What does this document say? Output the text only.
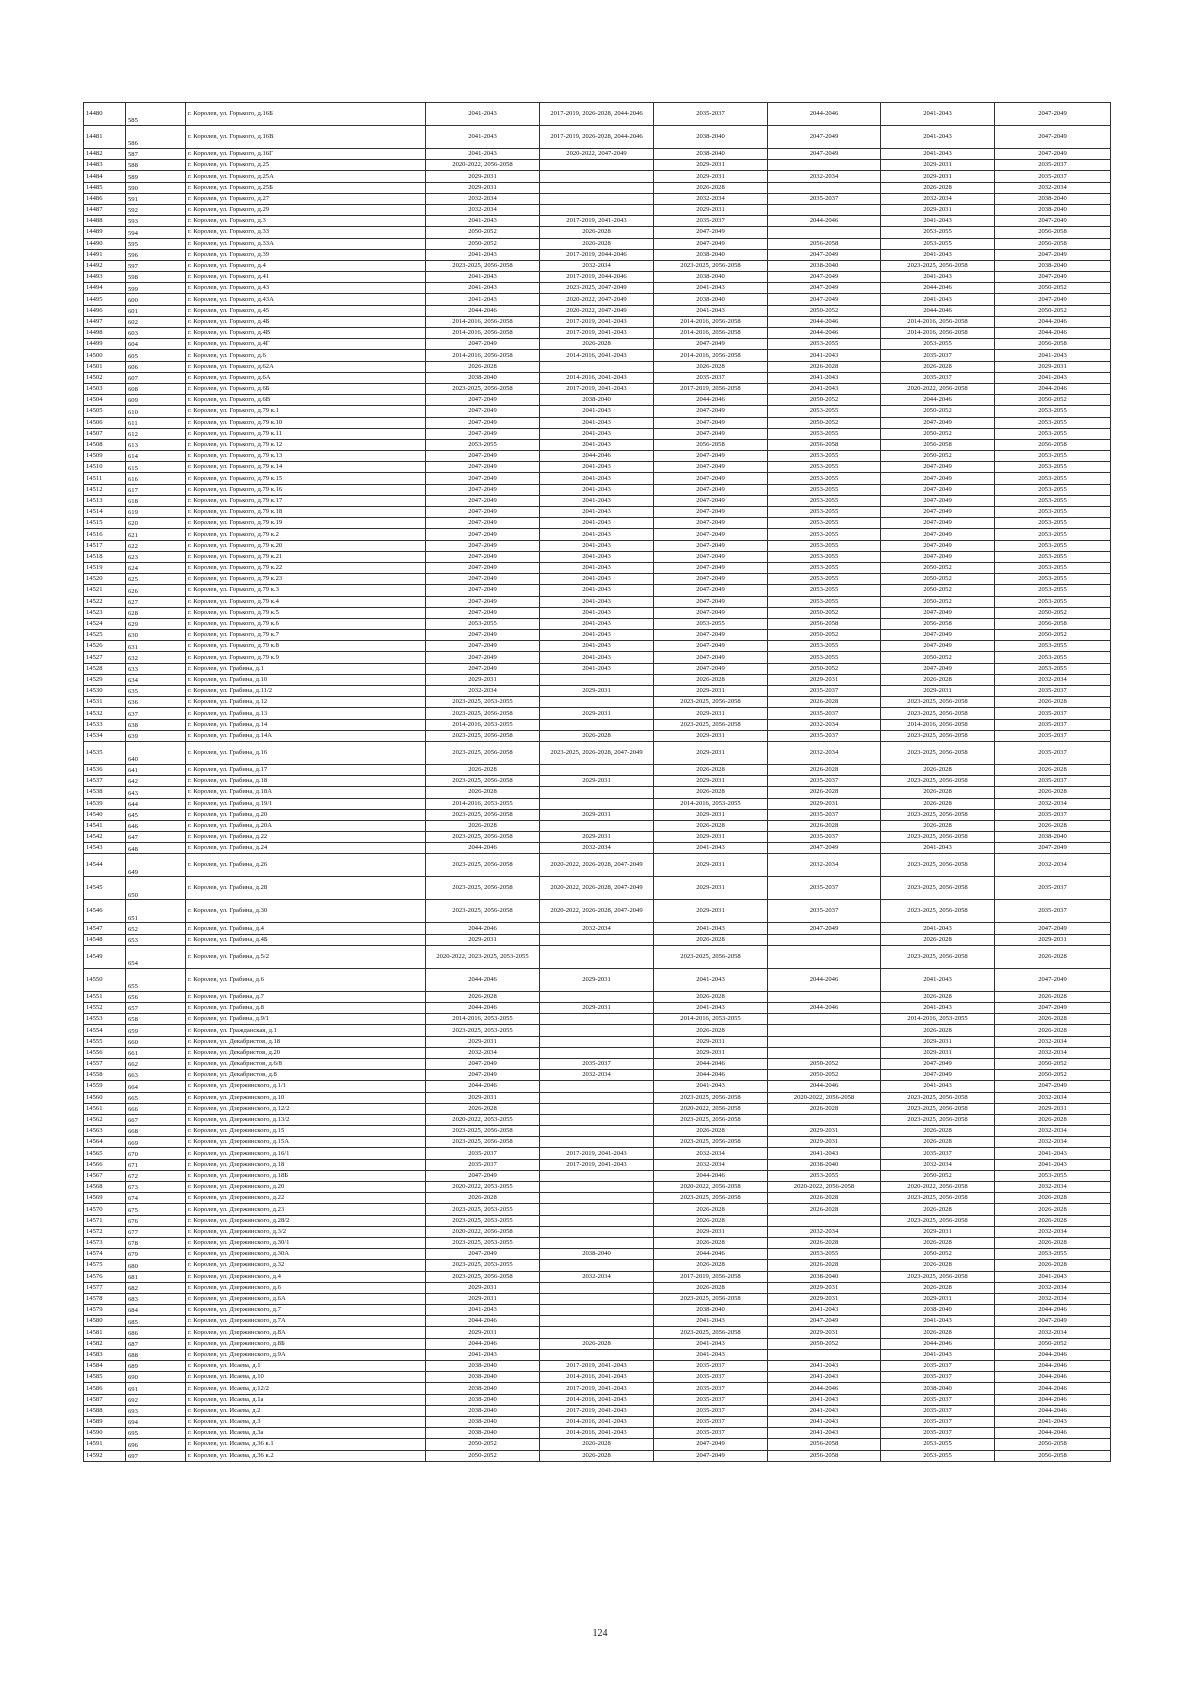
14480	585	г. Королев, ул. Горького, д.16Б	2041-2043	2017-2019, 2026-2028, 2044-2046	2035-2037	2044-2046	2041-2043	2047-2049
14481	586	г. Королев, ул. Горького, д.16В	2041-2043	2017-2019, 2026-2028, 2044-2046	2038-2040	2047-2049	2041-2043	2047-2049
14482	587	г. Королев, ул. Горького, д.16Г	2041-2043	2020-2022, 2047-2049	2038-2040	2047-2049	2041-2043	2047-2049
14483	588	г. Королев, ул. Горького, д.25	2020-2022, 2056-2058		2029-2031		2029-2031	2035-2037
14484	589	г. Королев, ул. Горького, д.25А	2029-2031		2029-2031	2032-2034	2029-2031	2035-2037
14485	590	г. Королев, ул. Горького, д.25Б	2029-2031		2026-2028		2026-2028	2032-2034
14486	591	г. Королев, ул. Горького, д.27	2032-2034		2032-2034	2035-2037	2032-2034	2038-2040
14487	592	г. Королев, ул. Горького, д.29	2032-2034		2029-2031		2029-2031	2038-2040
14488	593	г. Королев, ул. Горького, д.3	2041-2043	2017-2019, 2041-2043	2035-2037	2044-2046	2041-2043	2047-2049
14489	594	г. Королев, ул. Горького, д.33	2050-2052	2026-2028	2047-2049		2053-2055	2056-2058
14490	595	г. Королев, ул. Горького, д.33А	2050-2052	2026-2028	2047-2049	2056-2058	2053-2055	2056-2058
14491	596	г. Королев, ул. Горького, д.39	2041-2043	2017-2019, 2044-2046	2038-2040	2047-2049	2041-2043	2047-2049
14492	597	г. Королев, ул. Горького, д.4	2023-2025, 2056-2058	2032-2034	2023-2025, 2056-2058	2038-2040	2023-2025, 2056-2058	2038-2040
14493	598	г. Королев, ул. Горького, д.41	2041-2043	2017-2019, 2044-2046	2038-2040	2047-2049	2041-2043	2047-2049
14494	599	г. Королев, ул. Горького, д.43	2041-2043	2023-2025, 2047-2049	2041-2043	2047-2049	2044-2046	2050-2052
14495	600	г. Королев, ул. Горького, д.43А	2041-2043	2020-2022, 2047-2049	2038-2040	2047-2049	2041-2043	2047-2049
14496	601	г. Королев, ул. Горького, д.45	2044-2046	2020-2022, 2047-2049	2041-2043	2050-2052	2044-2046	2050-2052
14497	602	г. Королев, ул. Горького, д.4Б	2014-2016, 2056-2058	2017-2019, 2041-2043	2014-2016, 2056-2058	2044-2046	2014-2016, 2056-2058	2044-2046
14498	603	г. Королев, ул. Горького, д.4В	2014-2016, 2056-2058	2017-2019, 2041-2043	2014-2016, 2056-2058	2044-2046	2014-2016, 2056-2058	2044-2046
14499	604	г. Королев, ул. Горького, д.4Г	2047-2049	2026-2028	2047-2049	2053-2055	2053-2055	2056-2058
14500	605	г. Королев, ул. Горького, д.6	2014-2016, 2056-2058	2014-2016, 2041-2043	2014-2016, 2056-2058	2041-2043	2035-2037	2041-2043
14501	606	г. Королев, ул. Горького, д.62А	2026-2028		2026-2028	2026-2028	2026-2028	2029-2031
14502	607	г. Королев, ул. Горького, д.6А	2038-2040	2014-2016, 2041-2043	2035-2037	2041-2043	2035-2037	2041-2043
14503	608	г. Королев, ул. Горького, д.6Б	2023-2025, 2056-2058	2017-2019, 2041-2043	2017-2019, 2056-2058	2041-2043	2020-2022, 2056-2058	2044-2046
14504	609	г. Королев, ул. Горького, д.6В	2047-2049	2038-2040	2044-2046	2050-2052	2044-2046	2050-2052
14505	610	г. Королев, ул. Горького, д.79 к.1	2047-2049	2041-2043	2047-2049	2053-2055	2050-2052	2053-2055
14506	611	г. Королев, ул. Горького, д.79 к.10	2047-2049	2041-2043	2047-2049	2050-2052	2047-2049	2053-2055
14507	612	г. Королев, ул. Горького, д.79 к.11	2047-2049	2041-2043	2047-2049	2053-2055	2050-2052	2053-2055
14508	613	г. Королев, ул. Горького, д.79 к.12	2053-2055	2041-2043	2056-2058	2056-2058	2056-2058	2056-2058
14509	614	г. Королев, ул. Горького, д.79 к.13	2047-2049	2044-2046	2047-2049	2053-2055	2050-2052	2053-2055
14510	615	г. Королев, ул. Горького, д.79 к.14	2047-2049	2041-2043	2047-2049	2053-2055	2047-2049	2053-2055
14511	616	г. Королев, ул. Горького, д.79 к.15	2047-2049	2041-2043	2047-2049	2053-2055	2047-2049	2053-2055
14512	617	г. Королев, ул. Горького, д.79 к.16	2047-2049	2041-2043	2047-2049	2053-2055	2047-2049	2053-2055
14513	618	г. Королев, ул. Горького, д.79 к.17	2047-2049	2041-2043	2047-2049	2053-2055	2047-2049	2053-2055
14514	619	г. Королев, ул. Горького, д.79 к.18	2047-2049	2041-2043	2047-2049	2053-2055	2047-2049	2053-2055
14515	620	г. Королев, ул. Горького, д.79 к.19	2047-2049	2041-2043	2047-2049	2053-2055	2047-2049	2053-2055
14516	621	г. Королев, ул. Горького, д.79 к.2	2047-2049	2041-2043	2047-2049	2053-2055	2047-2049	2053-2055
14517	622	г. Королев, ул. Горького, д.79 к.20	2047-2049	2041-2043	2047-2049	2053-2055	2047-2049	2053-2055
14518	623	г. Королев, ул. Горького, д.79 к.21	2047-2049	2041-2043	2047-2049	2053-2055	2047-2049	2053-2055
14519	624	г. Королев, ул. Горького, д.79 к.22	2047-2049	2041-2043	2047-2049	2053-2055	2050-2052	2053-2055
14520	625	г. Королев, ул. Горького, д.79 к.23	2047-2049	2041-2043	2047-2049	2053-2055	2050-2052	2053-2055
14521	626	г. Королев, ул. Горького, д.79 к.3	2047-2049	2041-2043	2047-2049	2053-2055	2050-2052	2053-2055
14522	627	г. Королев, ул. Горького, д.79 к.4	2047-2049	2041-2043	2047-2049	2053-2055	2050-2052	2053-2055
14523	628	г. Королев, ул. Горького, д.79 к.5	2047-2049	2041-2043	2047-2049	2050-2052	2047-2049	2050-2052
14524	629	г. Королев, ул. Горького, д.79 к.6	2053-2055	2041-2043	2053-2055	2056-2058	2056-2058	2056-2058
14525	630	г. Королев, ул. Горького, д.79 к.7	2047-2049	2041-2043	2047-2049	2050-2052	2047-2049	2050-2052
14526	631	г. Королев, ул. Горького, д.79 к.8	2047-2049	2041-2043	2047-2049	2053-2055	2047-2049	2053-2055
14527	632	г. Королев, ул. Горького, д.79 к.9	2047-2049	2041-2043	2047-2049	2053-2055	2050-2052	2053-2055
14528	633	г. Королев, ул. Грабина, д.1	2047-2049	2041-2043	2047-2049	2050-2052	2047-2049	2053-2055
14529	634	г. Королев, ул. Грабина, д.10	2029-2031		2026-2028	2029-2031	2026-2028	2032-2034
14530	635	г. Королев, ул. Грабина, д.11/2	2032-2034	2029-2031	2029-2031	2035-2037	2029-2031	2035-2037
14531	636	г. Королев, ул. Грабина, д.12	2023-2025, 2053-2055		2023-2025, 2056-2058	2026-2028	2023-2025, 2056-2058	2026-2028
14532	637	г. Королев, ул. Грабина, д.13	2023-2025, 2056-2058	2029-2031	2029-2031	2035-2037	2023-2025, 2056-2058	2035-2037
14533	638	г. Королев, ул. Грабина, д.14	2014-2016, 2053-2055		2023-2025, 2056-2058	2032-2034	2014-2016, 2056-2058	2035-2037
14534	639	г. Королев, ул. Грабина, д.14А	2023-2025, 2056-2058	2026-2028	2029-2031	2035-2037	2023-2025, 2056-2058	2035-2037
14535	640	г. Королев, ул. Грабина, д.16	2023-2025, 2056-2058	2023-2025, 2026-2028, 2047-2049	2029-2031	2032-2034	2023-2025, 2056-2058	2035-2037
14536	641	г. Королев, ул. Грабина, д.17	2026-2028		2026-2028	2026-2028	2026-2028	2026-2028
14537	642	г. Королев, ул. Грабина, д.18	2023-2025, 2056-2058	2029-2031	2029-2031	2035-2037	2023-2025, 2056-2058	2035-2037
14538	643	г. Королев, ул. Грабина, д.18А	2026-2028		2026-2028	2026-2028	2026-2028	2026-2028
14539	644	г. Королев, ул. Грабина, д.19/1	2014-2016, 2053-2055		2014-2016, 2053-2055	2029-2031	2026-2028	2032-2034
14540	645	г. Королев, ул. Грабина, д.20	2023-2025, 2056-2058	2029-2031	2029-2031	2035-2037	2023-2025, 2056-2058	2035-2037
14541	646	г. Королев, ул. Грабина, д.20А	2026-2028		2026-2028	2026-2028	2026-2028	2026-2028
14542	647	г. Королев, ул. Грабина, д.22	2023-2025, 2056-2058	2029-2031	2029-2031	2035-2037	2023-2025, 2056-2058	2038-2040
14543	648	г. Королев, ул. Грабина, д.24	2044-2046	2032-2034	2041-2043	2047-2049	2041-2043	2047-2049
14544	649	г. Королев, ул. Грабина, д.26	2023-2025, 2056-2058	2020-2022, 2026-2028, 2047-2049	2029-2031	2032-2034	2023-2025, 2056-2058	2032-2034
14545	650	г. Королев, ул. Грабина, д.28	2023-2025, 2056-2058	2020-2022, 2026-2028, 2047-2049	2029-2031	2035-2037	2023-2025, 2056-2058	2035-2037
14546	651	г. Королев, ул. Грабина, д.30	2023-2025, 2056-2058	2020-2022, 2026-2028, 2047-2049	2029-2031	2035-2037	2023-2025, 2056-2058	2035-2037
14547	652	г. Королев, ул. Грабина, д.4	2044-2046	2032-2034	2041-2043	2047-2049	2041-2043	2047-2049
14548	653	г. Королев, ул. Грабина, д.4Б	2029-2031		2026-2028		2026-2028	2029-2031
14549	654	г. Королев, ул. Грабина, д.5/2	2020-2022, 2023-2025, 2053-2055		2023-2025, 2056-2058		2023-2025, 2056-2058	2026-2028
14550	655	г. Королев, ул. Грабина, д.6	2044-2046	2029-2031	2041-2043	2044-2046	2041-2043	2047-2049
14551	656	г. Королев, ул. Грабина, д.7	2026-2028		2026-2028		2026-2028	2026-2028
14552	657	г. Королев, ул. Грабина, д.8	2044-2046	2029-2031	2041-2043	2044-2046	2041-2043	2047-2049
14553	658	г. Королев, ул. Грабина, д.9/1	2014-2016, 2053-2055		2014-2016, 2053-2055		2014-2016, 2053-2055	2026-2028
14554	659	г. Королев, ул. Гражданская, д.1	2023-2025, 2053-2055		2026-2028		2026-2028	2026-2028
14555	660	г. Королев, ул. Декабристов, д.18	2029-2031		2029-2031		2029-2031	2032-2034
14556	661	г. Королев, ул. Декабристов, д.20	2032-2034		2029-2031		2029-2031	2032-2034
14557	662	г. Королев, ул. Декабристов, д.6/8	2047-2049	2035-2037	2044-2046	2050-2052	2047-2049	2050-2052
14558	663	г. Королев, ул. Декабристов, д.8	2047-2049	2032-2034	2044-2046	2050-2052	2047-2049	2050-2052
14559	664	г. Королев, ул. Дзержинского, д.1/1	2044-2046		2041-2043	2044-2046	2041-2043	2047-2049
14560	665	г. Королев, ул. Дзержинского, д.10	2029-2031		2023-2025, 2056-2058	2020-2022, 2056-2058	2023-2025, 2056-2058	2032-2034
14561	666	г. Королев, ул. Дзержинского, д.12/2	2026-2028		2020-2022, 2056-2058	2026-2028	2023-2025, 2056-2058	2029-2031
14562	667	г. Королев, ул. Дзержинского, д.13/2	2020-2022, 2053-2055		2023-2025, 2056-2058		2023-2025, 2056-2058	2026-2028
14563	668	г. Королев, ул. Дзержинского, д.15	2023-2025, 2056-2058		2026-2028	2029-2031	2026-2028	2032-2034
14564	669	г. Королев, ул. Дзержинского, д.15А	2023-2025, 2056-2058		2023-2025, 2056-2058	2029-2031	2026-2028	2032-2034
14565	670	г. Королев, ул. Дзержинского, д.16/1	2035-2037	2017-2019, 2041-2043	2032-2034	2041-2043	2035-2037	2041-2043
14566	671	г. Королев, ул. Дзержинского, д.18	2035-2037	2017-2019, 2041-2043	2032-2034	2038-2040	2032-2034	2041-2043
14567	672	г. Королев, ул. Дзержинского, д.18Б	2047-2049		2044-2046	2053-2055	2050-2052	2053-2055
14568	673	г. Королев, ул. Дзержинского, д.20	2020-2022, 2053-2055		2020-2022, 2056-2058	2020-2022, 2056-2058	2020-2022, 2056-2058	2032-2034
14569	674	г. Королев, ул. Дзержинского, д.22	2026-2028		2023-2025, 2056-2058	2026-2028	2023-2025, 2056-2058	2026-2028
14570	675	г. Королев, ул. Дзержинского, д.23	2023-2025, 2053-2055		2026-2028	2026-2028	2026-2028	2026-2028
14571	676	г. Королев, ул. Дзержинского, д.28/2	2023-2025, 2053-2055		2026-2028		2023-2025, 2056-2058	2026-2028
14572	677	г. Королев, ул. Дзержинского, д.3/2	2020-2022, 2056-2058		2029-2031	2032-2034	2029-2031	2032-2034
14573	678	г. Королев, ул. Дзержинского, д.30/1	2023-2025, 2053-2055		2026-2028	2026-2028	2026-2028	2026-2028
14574	679	г. Королев, ул. Дзержинского, д.30А	2047-2049	2038-2040	2044-2046	2053-2055	2050-2052	2053-2055
14575	680	г. Королев, ул. Дзержинского, д.32	2023-2025, 2053-2055		2026-2028	2026-2028	2026-2028	2026-2028
14576	681	г. Королев, ул. Дзержинского, д.4	2023-2025, 2056-2058	2032-2034	2017-2019, 2056-2058	2038-2040	2023-2025, 2056-2058	2041-2043
14577	682	г. Королев, ул. Дзержинского, д.6	2029-2031		2026-2028	2029-2031	2026-2028	2032-2034
14578	683	г. Королев, ул. Дзержинского, д.6А	2029-2031		2023-2025, 2056-2058	2029-2031	2029-2031	2032-2034
14579	684	г. Королев, ул. Дзержинского, д.7	2041-2043		2038-2040	2041-2043	2038-2040	2044-2046
14580	685	г. Королев, ул. Дзержинского, д.7А	2044-2046		2041-2043	2047-2049	2041-2043	2047-2049
14581	686	г. Королев, ул. Дзержинского, д.8А	2029-2031		2023-2025, 2056-2058	2029-2031	2026-2028	2032-2034
14582	687	г. Королев, ул. Дзержинского, д.8Б	2044-2046	2026-2028	2041-2043	2050-2052	2044-2046	2050-2052
14583	688	г. Королев, ул. Дзержинского, д.9А	2041-2043		2041-2043		2041-2043	2044-2046
14584	689	г. Королев, ул. Исаева, д.1	2038-2040	2017-2019, 2041-2043	2035-2037	2041-2043	2035-2037	2044-2046
14585	690	г. Королев, ул. Исаева, д.10	2038-2040	2014-2016, 2041-2043	2035-2037	2041-2043	2035-2037	2044-2046
14586	691	г. Королев, ул. Исаева, д.12/2	2038-2040	2017-2019, 2041-2043	2035-2037	2044-2046	2038-2040	2044-2046
14587	692	г. Королев, ул. Исаева, д.1а	2038-2040	2014-2016, 2041-2043	2035-2037	2041-2043	2035-2037	2044-2046
14588	693	г. Королев, ул. Исаева, д.2	2038-2040	2017-2019, 2041-2043	2035-2037	2041-2043	2035-2037	2044-2046
14589	694	г. Королев, ул. Исаева, д.3	2038-2040	2014-2016, 2041-2043	2035-2037	2041-2043	2035-2037	2041-2043
14590	695	г. Королев, ул. Исаева, д.3а	2038-2040	2014-2016, 2041-2043	2035-2037	2041-2043	2035-2037	2044-2046
14591	696	г. Королев, ул. Исаева, д.36 к.1	2050-2052	2026-2028	2047-2049	2056-2058	2053-2055	2056-2058
14592	697	г. Королев, ул. Исаева, д.36 к.2	2050-2052	2026-2028	2047-2049	2056-2058	2053-2055	2056-2058
124
